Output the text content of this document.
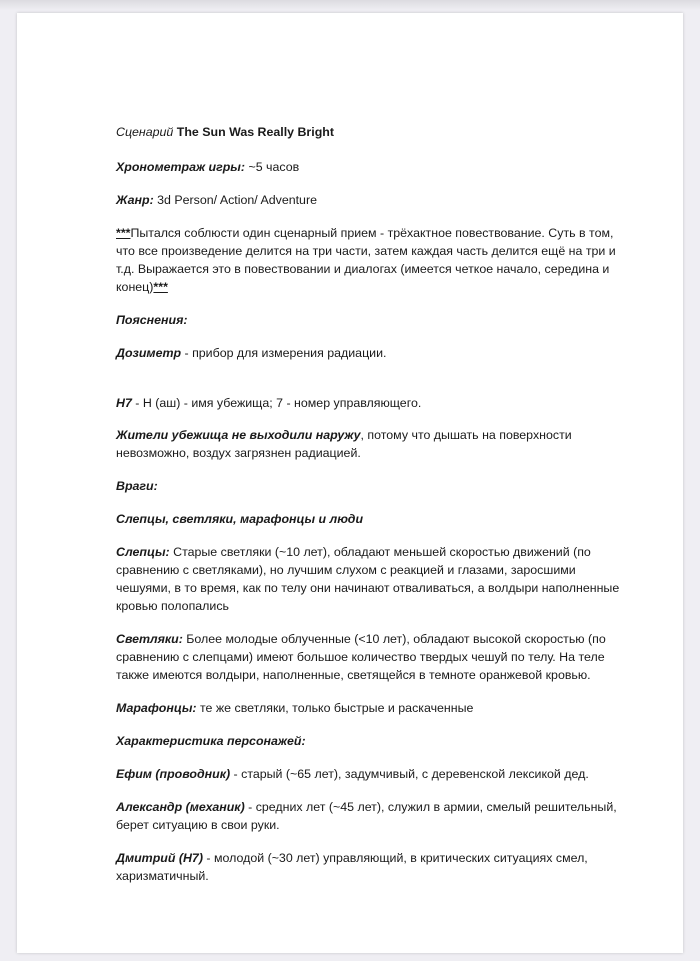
Сценарий The Sun Was Really Bright

Хронометраж игры: ~5 часов

Жанр: 3d Person/ Action/ Adventure

***Пытался соблюсти один сценарный прием - трёхактное повествование. Суть в том, что все произведение делится на три части, затем каждая часть делится ещё на три и т.д. Выражается это в повествовании и диалогах (имеется четкое начало, середина и конец)***

Пояснения:

Дозиметр - прибор для измерения радиации.

Н7 - Н (аш) - имя убежища; 7 - номер управляющего.

Жители убежища не выходили наружу, потому что дышать на поверхности невозможно, воздух загрязнен радиацией.

Враги:

Слепцы, светляки, марафонцы и люди

Слепцы: Старые светляки (~10 лет), обладают меньшей скоростью движений (по сравнению с светляками), но лучшим слухом с реакцией и глазами, заросшими чешуями, в то время, как по телу они начинают отваливаться, а волдыри наполненные кровью полопались

Светляки: Более молодые облученные (<10 лет), обладают высокой скоростью (по сравнению с слепцами) имеют большое количество твердых чешуй по телу. На теле также имеются волдыри, наполненные, светящейся в темноте оранжевой кровью.

Марафонцы: те же светляки, только быстрые и раскаченные

Характеристика персонажей:

Ефим (проводник) - старый (~65 лет), задумчивый, с деревенской лексикой дед.

Александр (механик) - средних лет (~45 лет), служил в армии, смелый решительный, берет ситуацию в свои руки.

Дмитрий (Н7) - молодой (~30 лет) управляющий, в критических ситуациях смел, харизматичный.
